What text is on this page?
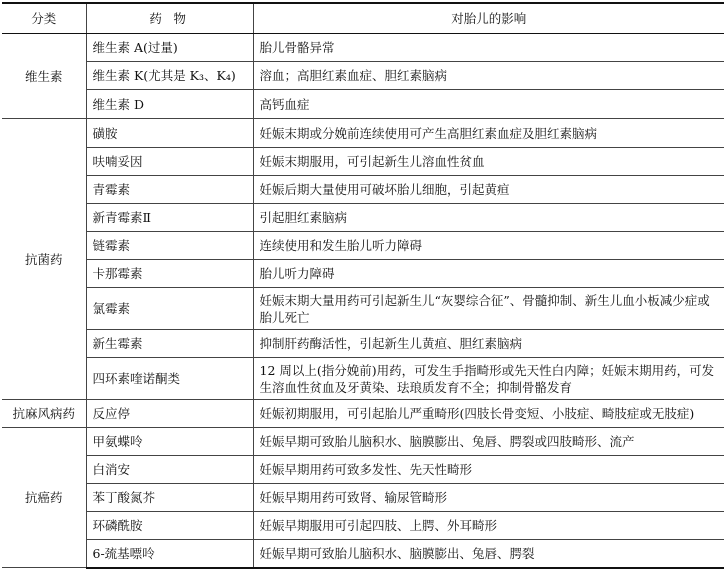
分类	药 物	对胎儿的影响
维生素	维生素 A(过量)	胎儿骨骼异常
	维生素 K(尤其是 K₃、K₄)	溶血；高胆红素血症、胆红素脑病
	维生素 D	高钙血症
抗菌药	磺胺	妊娠末期或分娩前连续使用可产生高胆红素血症及胆红素脑病
	呋喃妥因	妊娠末期服用，可引起新生儿溶血性贫血
	青霉素	妊娠后期大量使用可破坏胎儿细胞，引起黄疸
	新青霉素Ⅱ	引起胆红素脑病
	链霉素	连续使用和发生胎儿听力障碍
	卡那霉素	胎儿听力障碍
	氯霉素	妊娠末期大量用药可引起新生儿“灰婴综合征”、骨髓抑制、新生儿血小板减少症或胎儿死亡
	新生霉素	抑制肝药酶活性，引起新生儿黄疸、胆红素脑病
	四环素喹诺酮类	12 周以上(指分娩前)用药，可发生手指畸形或先天性白内障；妊娠末期用药，可发生溶血性贫血及牙黄染、珐琅质发育不全；抑制骨骼发育
抗麻风病药	反应停	妊娠初期服用，可引起胎儿严重畸形(四肢长骨变短、小肢症、畸肢症或无肢症)
抗癌药	甲氨蝶呤	妊娠早期可致胎儿脑积水、脑膜膨出、兔唇、腭裂或四肢畸形、流产
	白消安	妊娠早期用药可致多发性、先天性畸形
	苯丁酸氮芥	妊娠早期用药可致肾、输尿管畸形
	环磷酰胺	妊娠早期服用可引起四肢、上腭、外耳畸形
	6-巯基嘌呤	妊娠早期可致胎儿脑积水、脑膜膨出、兔唇、腭裂
